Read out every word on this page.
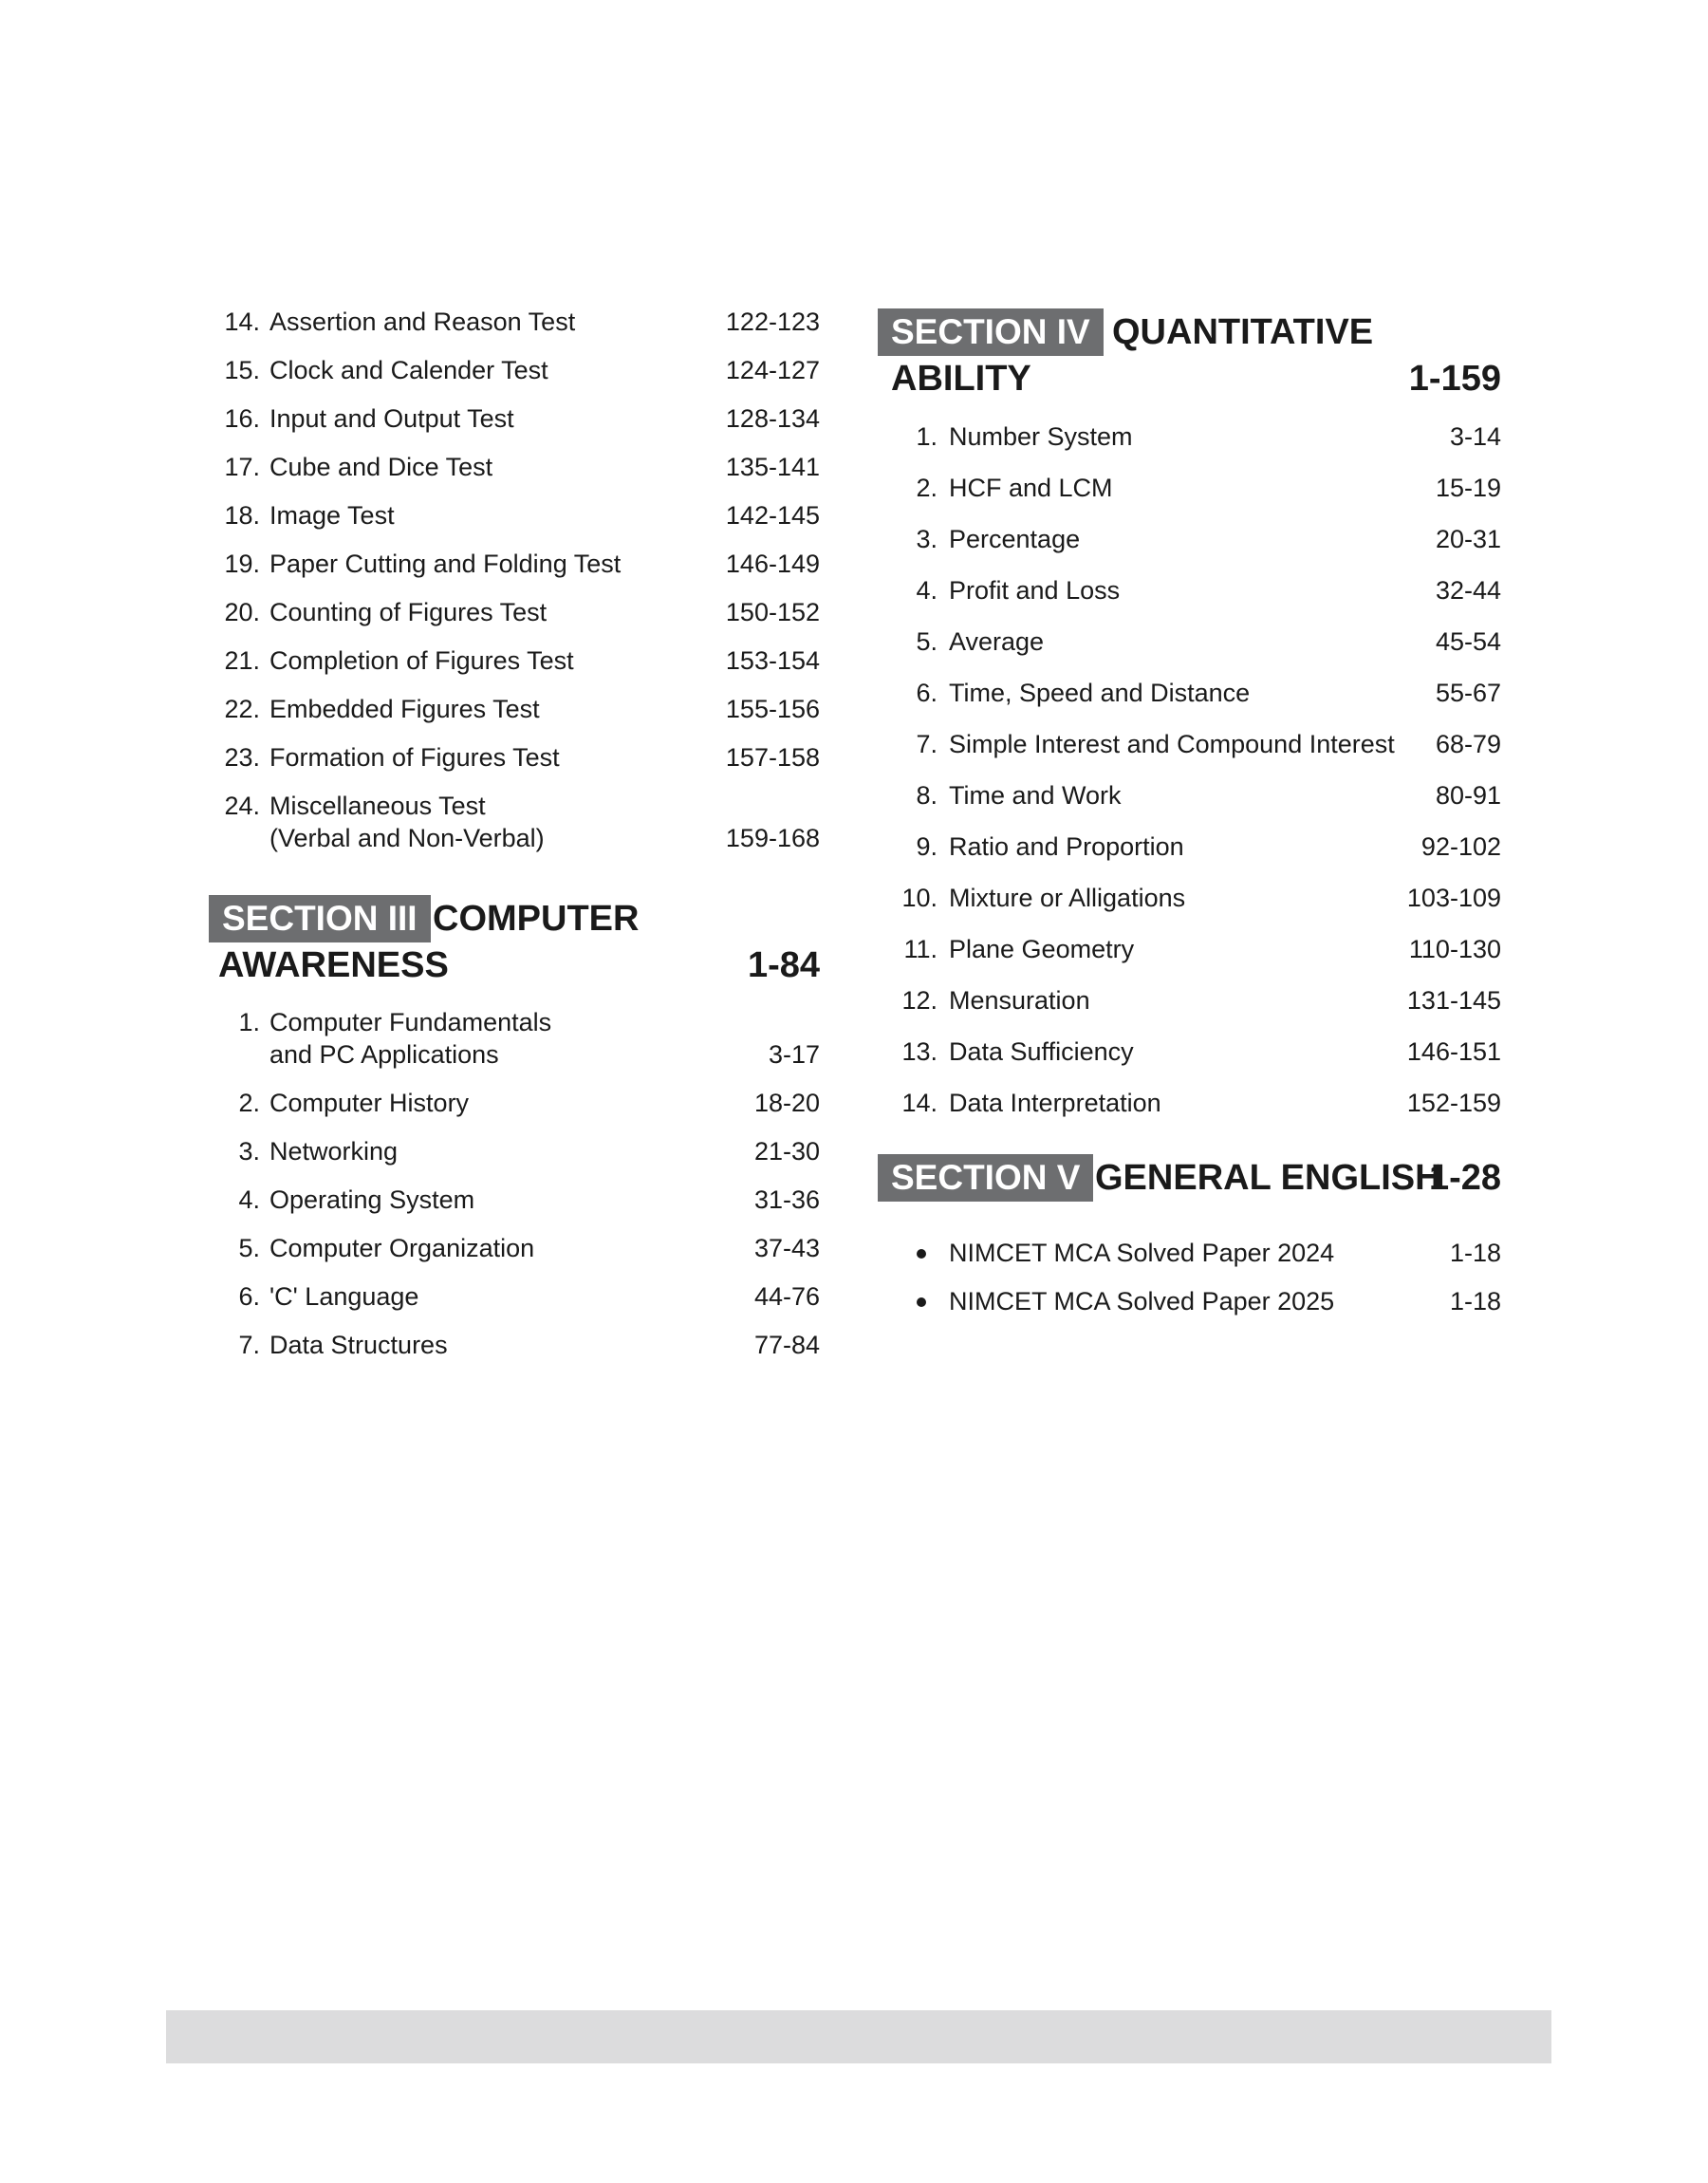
14. Assertion and Reason Test	122-123
15. Clock and Calender Test	124-127
16. Input and Output Test	128-134
17. Cube and Dice Test	135-141
18. Image Test	142-145
19. Paper Cutting and Folding Test	146-149
20. Counting of Figures Test	150-152
21. Completion of Figures Test	153-154
22. Embedded Figures Test	155-156
23. Formation of Figures Test	157-158
24. Miscellaneous Test
(Verbal and Non-Verbal)	159-168
SECTION III COMPUTER
AWARENESS	1-84
1. Computer Fundamentals
and PC Applications	3-17
2. Computer History	18-20
3. Networking	21-30
4. Operating System	31-36
5. Computer Organization	37-43
6. 'C' Language	44-76
7. Data Structures	77-84
SECTION IV QUANTITATIVE
ABILITY	1-159
1. Number System	3-14
2. HCF and LCM	15-19
3. Percentage	20-31
4. Profit and Loss	32-44
5. Average	45-54
6. Time, Speed and Distance	55-67
7. Simple Interest and Compound Interest 68-79
8. Time and Work	80-91
9. Ratio and Proportion	92-102
10. Mixture or Alligations	103-109
11. Plane Geometry	110-130
12. Mensuration	131-145
13. Data Sufficiency	146-151
14. Data Interpretation	152-159
SECTION V GENERAL ENGLISH
1-28
NIMCET MCA Solved Paper 2024	1-18
NIMCET MCA Solved Paper 2025	1-18
